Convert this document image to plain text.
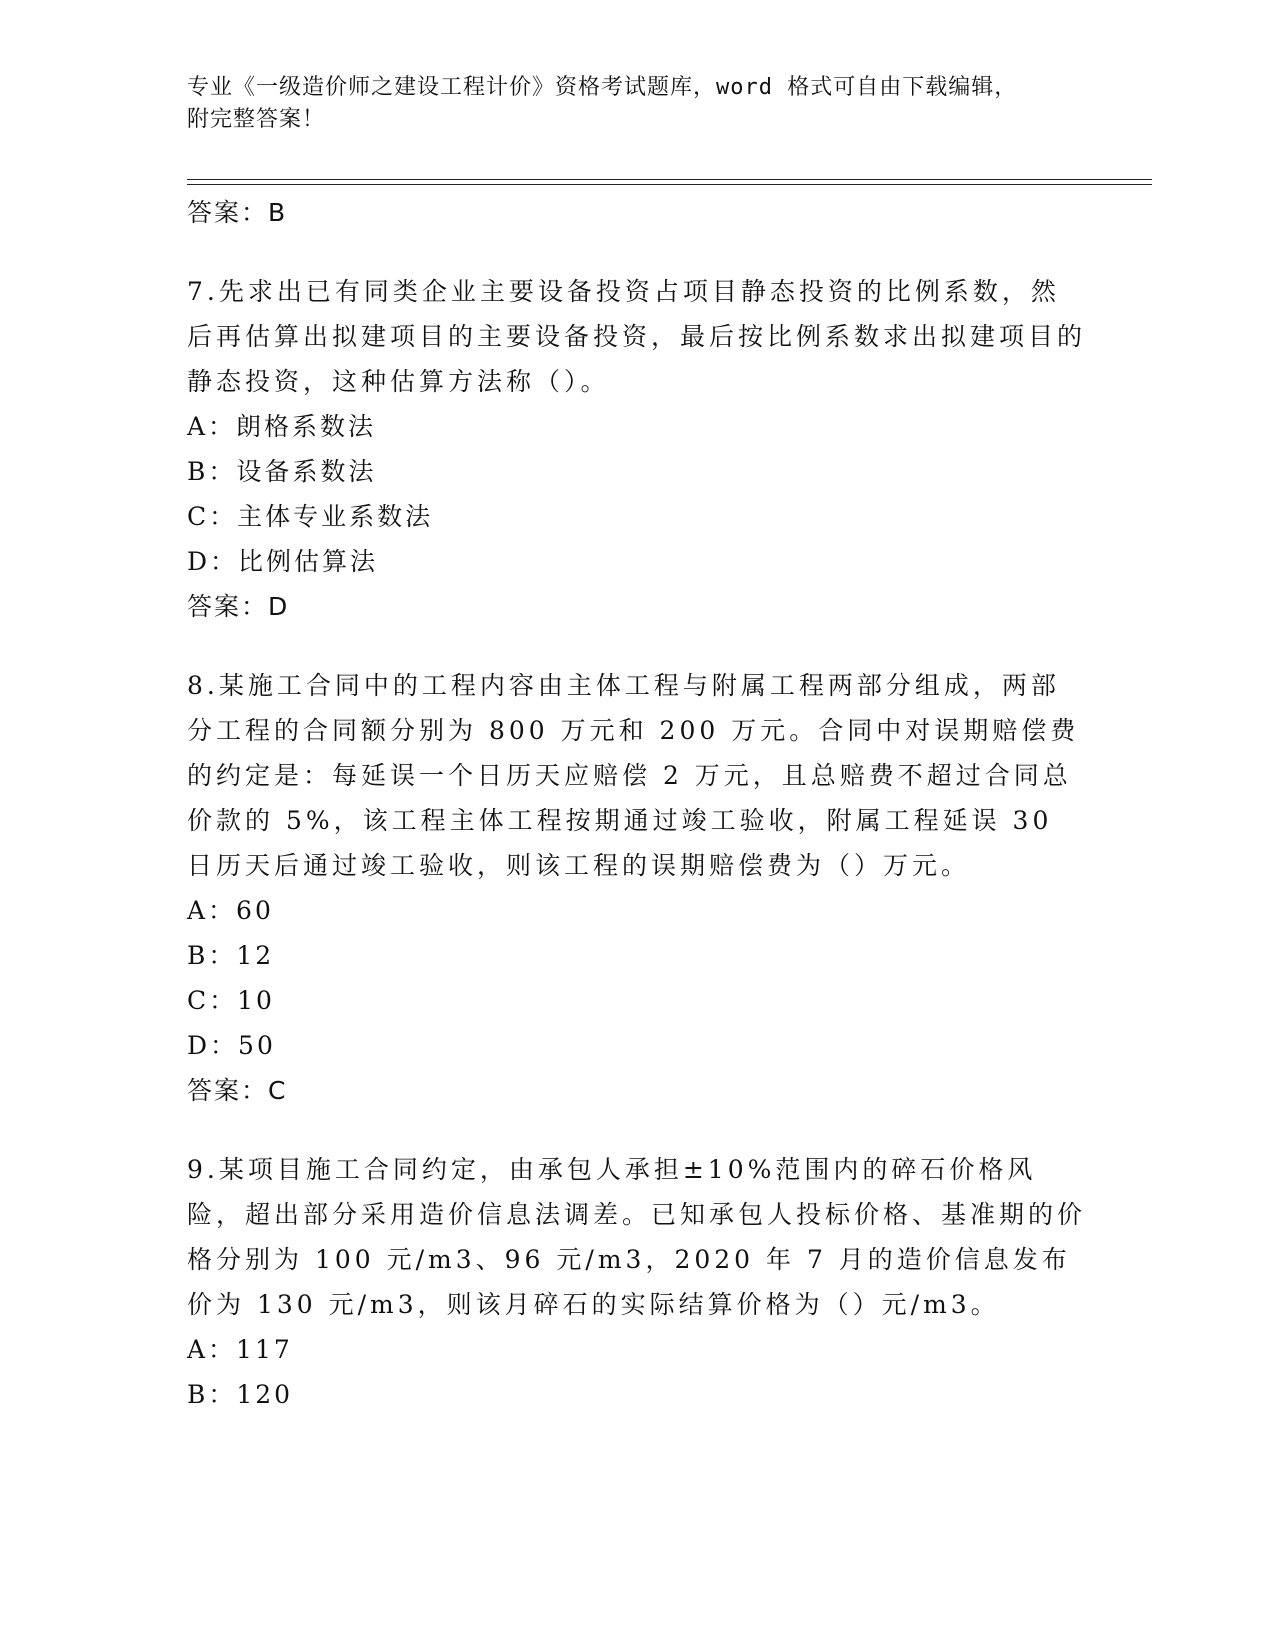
专业《一级造价师之建设工程计价》资格考试题库，word 格式可自由下载编辑，
附完整答案！
答案：B

7.先求出已有同类企业主要设备投资占项目静态投资的比例系数，然后再估算出拟建项目的主要设备投资，最后按比例系数求出拟建项目的静态投资，这种估算方法称（）。

A：朗格系数法
B：设备系数法
C：主体专业系数法
D：比例估算法
答案：D

8.某施工合同中的工程内容由主体工程与附属工程两部分组成，两部分工程的合同额分别为 800 万元和 200 万元。合同中对误期赔偿费的约定是：每延误一个日历天应赔偿 2 万元，且总赔费不超过合同总价款的 5%，该工程主体工程按期通过竣工验收，附属工程延误 30 日历天后通过竣工验收，则该工程的误期赔偿费为（）万元。

A：60
B：12
C：10
D：50
答案：C

9.某项目施工合同约定，由承包人承担±10%范围内的碎石价格风险，超出部分采用造价信息法调差。已知承包人投标价格、基准期的价格分别为 100 元/m3、96 元/m3，2020 年 7 月的造价信息发布价为 130 元/m3，则该月碎石的实际结算价格为（）元/m3。

A：117
B：120
